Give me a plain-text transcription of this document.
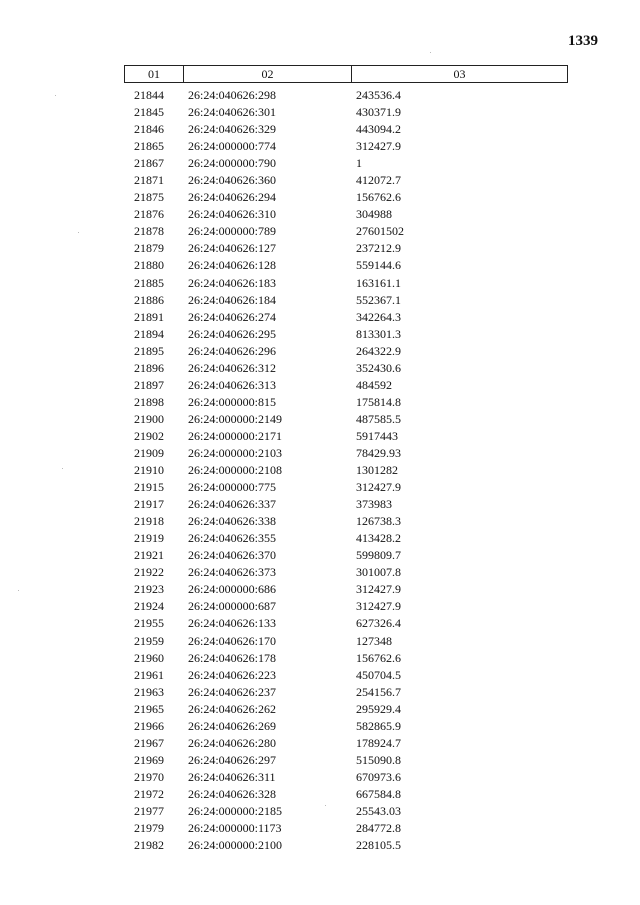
1339
01	02	03
21844	26:24:040626:298	243536.4
21845	26:24:040626:301	430371.9
21846	26:24:040626:329	443094.2
21865	26:24:000000:774	312427.9
21867	26:24:000000:790	1
21871	26:24:040626:360	412072.7
21875	26:24:040626:294	156762.6
21876	26:24:040626:310	304988
21878	26:24:000000:789	27601502
21879	26:24:040626:127	237212.9
21880	26:24:040626:128	559144.6
21885	26:24:040626:183	163161.1
21886	26:24:040626:184	552367.1
21891	26:24:040626:274	342264.3
21894	26:24:040626:295	813301.3
21895	26:24:040626:296	264322.9
21896	26:24:040626:312	352430.6
21897	26:24:040626:313	484592
21898	26:24:000000:815	175814.8
21900	26:24:000000:2149	487585.5
21902	26:24:000000:2171	5917443
21909	26:24:000000:2103	78429.93
21910	26:24:000000:2108	1301282
21915	26:24:000000:775	312427.9
21917	26:24:040626:337	373983
21918	26:24:040626:338	126738.3
21919	26:24:040626:355	413428.2
21921	26:24:040626:370	599809.7
21922	26:24:040626:373	301007.8
21923	26:24:000000:686	312427.9
21924	26:24:000000:687	312427.9
21955	26:24:040626:133	627326.4
21959	26:24:040626:170	127348
21960	26:24:040626:178	156762.6
21961	26:24:040626:223	450704.5
21963	26:24:040626:237	254156.7
21965	26:24:040626:262	295929.4
21966	26:24:040626:269	582865.9
21967	26:24:040626:280	178924.7
21969	26:24:040626:297	515090.8
21970	26:24:040626:311	670973.6
21972	26:24:040626:328	667584.8
21977	26:24:000000:2185	25543.03
21979	26:24:000000:1173	284772.8
21982	26:24:000000:2100	228105.5
